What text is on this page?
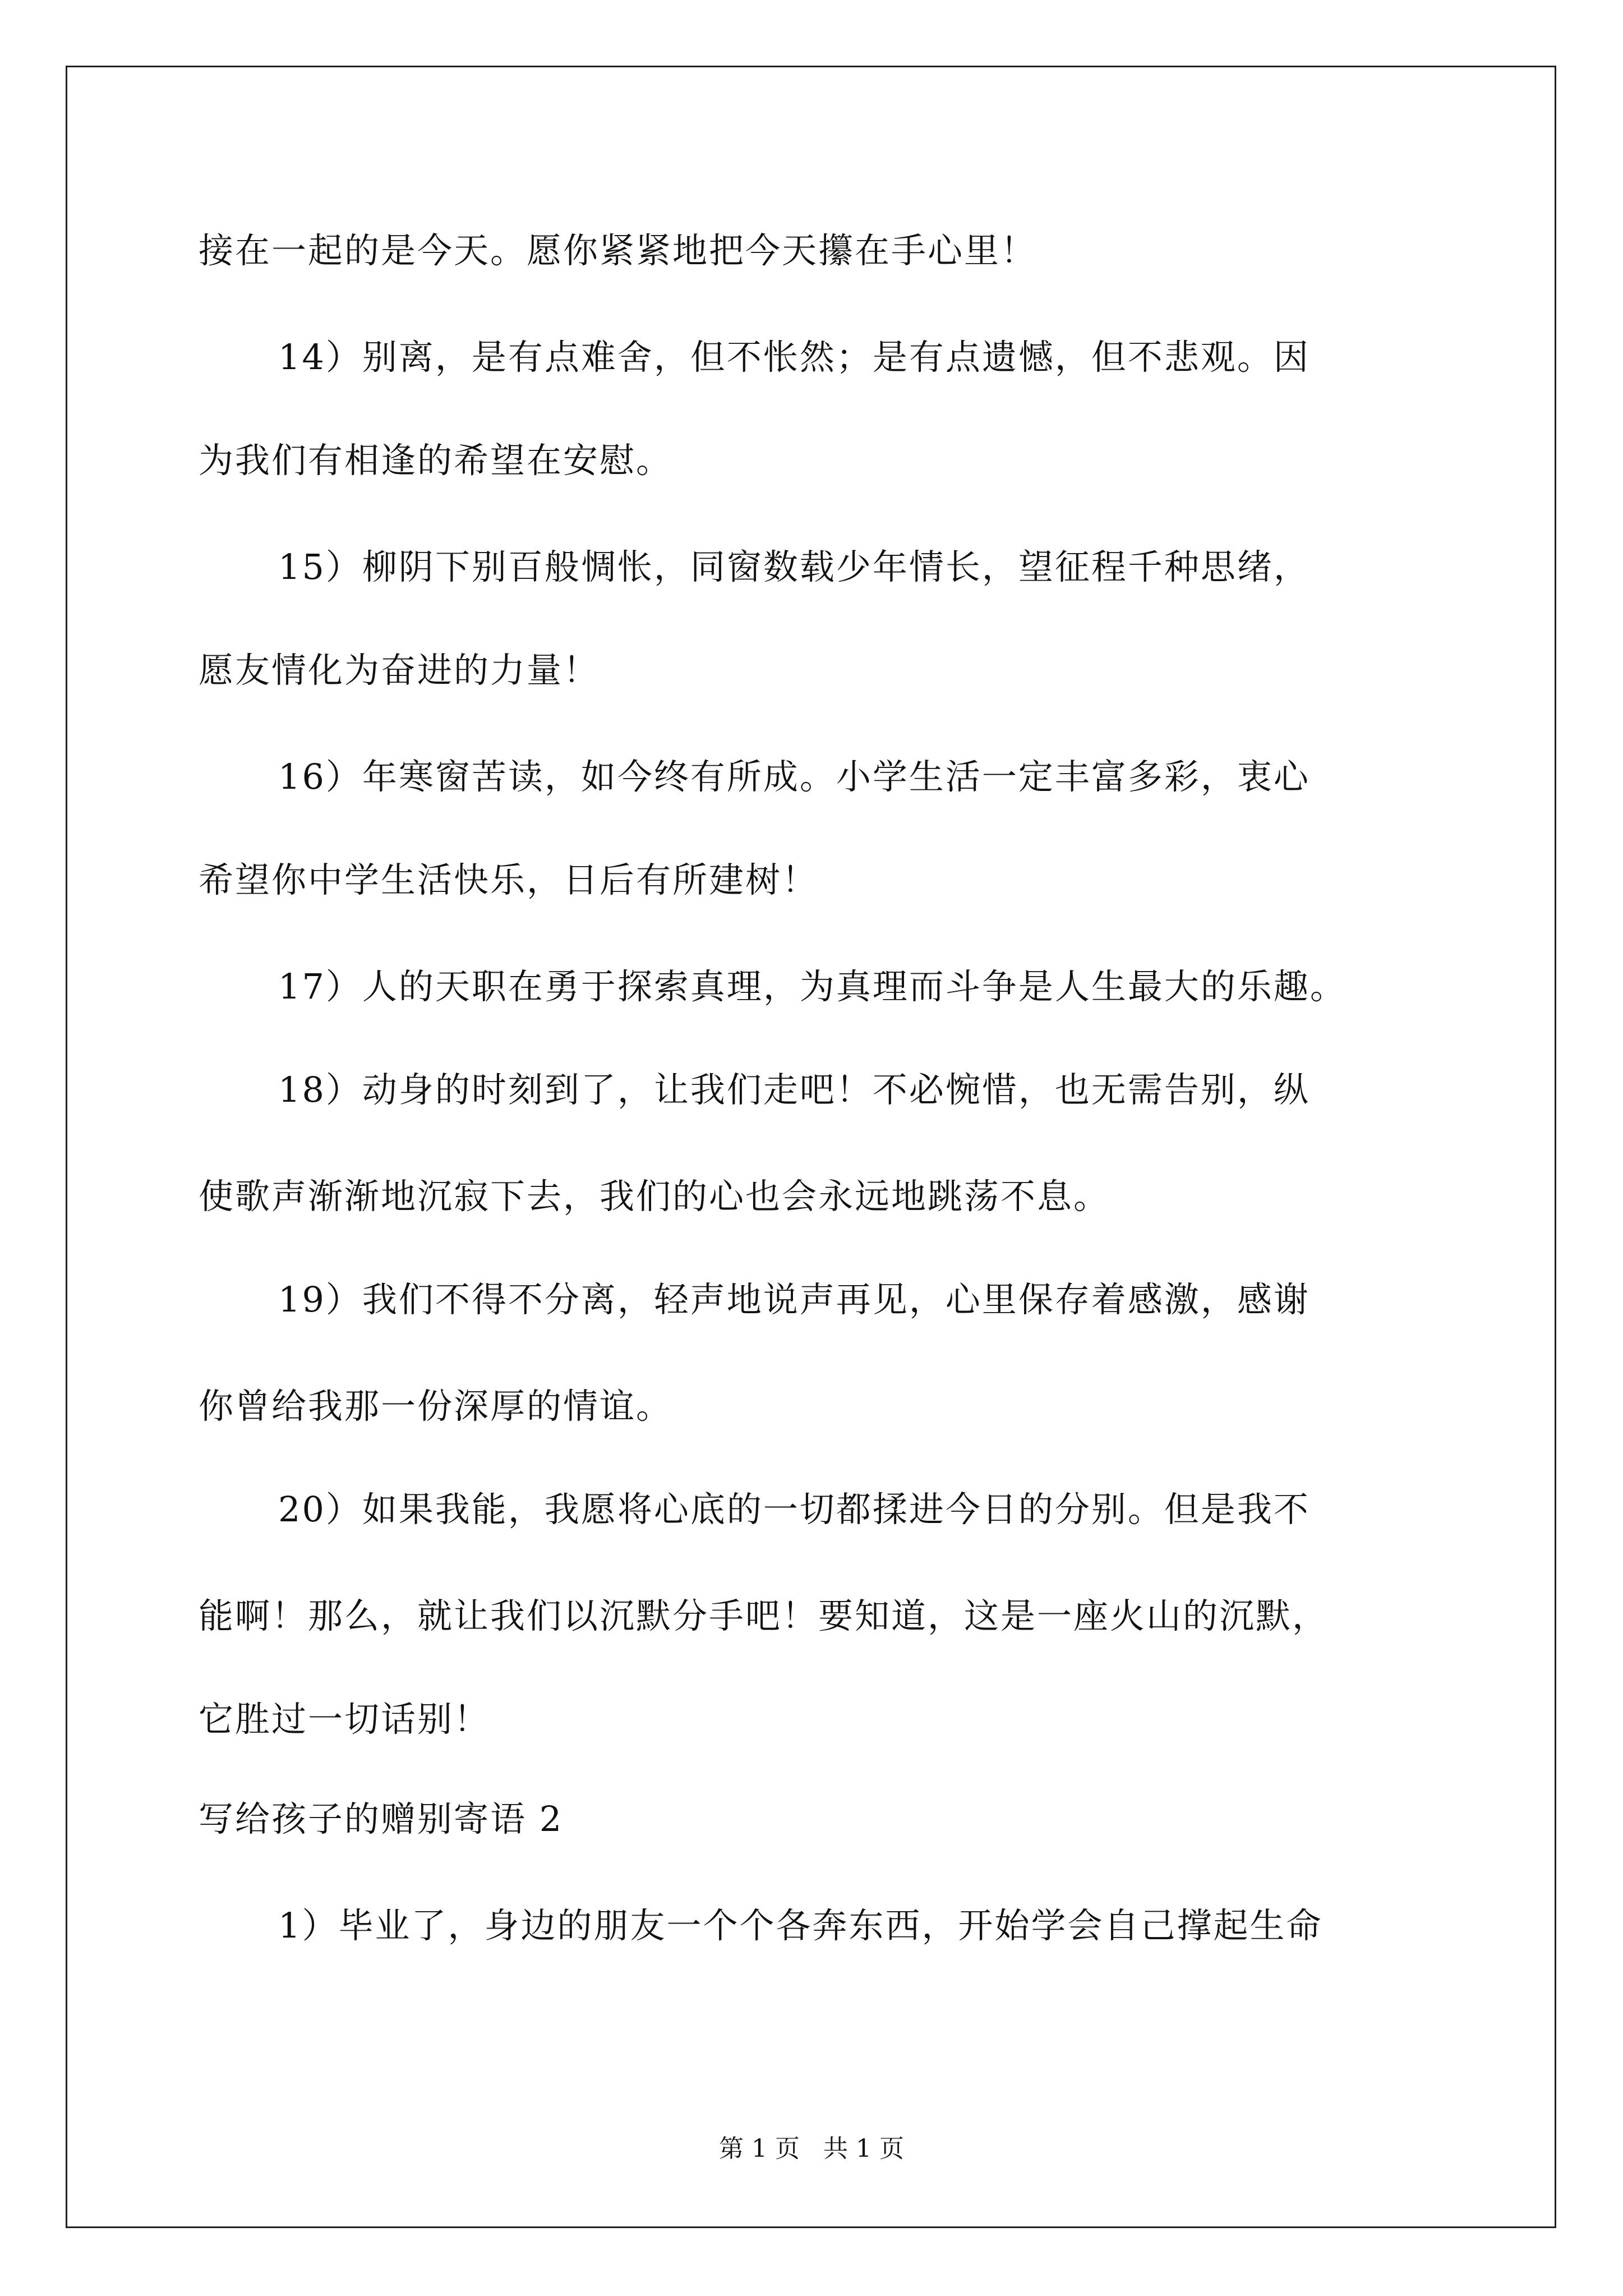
接在一起的是今天。愿你紧紧地把今天攥在手心里！
14）别离，是有点难舍，但不怅然；是有点遗憾，但不悲观。因
为我们有相逢的希望在安慰。
15）柳阴下别百般惆怅，同窗数载少年情长，望征程千种思绪，
愿友情化为奋进的力量！
16）年寒窗苦读，如今终有所成。小学生活一定丰富多彩，衷心
希望你中学生活快乐，日后有所建树！
17）人的天职在勇于探索真理，为真理而斗争是人生最大的乐趣。
18）动身的时刻到了，让我们走吧！不必惋惜，也无需告别，纵
使歌声渐渐地沉寂下去，我们的心也会永远地跳荡不息。
19）我们不得不分离，轻声地说声再见，心里保存着感激，感谢
你曾给我那一份深厚的情谊。
20）如果我能，我愿将心底的一切都揉进今日的分别。但是我不
能啊！那么，就让我们以沉默分手吧！要知道，这是一座火山的沉默，
它胜过一切话别！
写给孩子的赠别寄语 2
1）毕业了，身边的朋友一个个各奔东西，开始学会自己撑起生命
第 1 页 共 1 页
